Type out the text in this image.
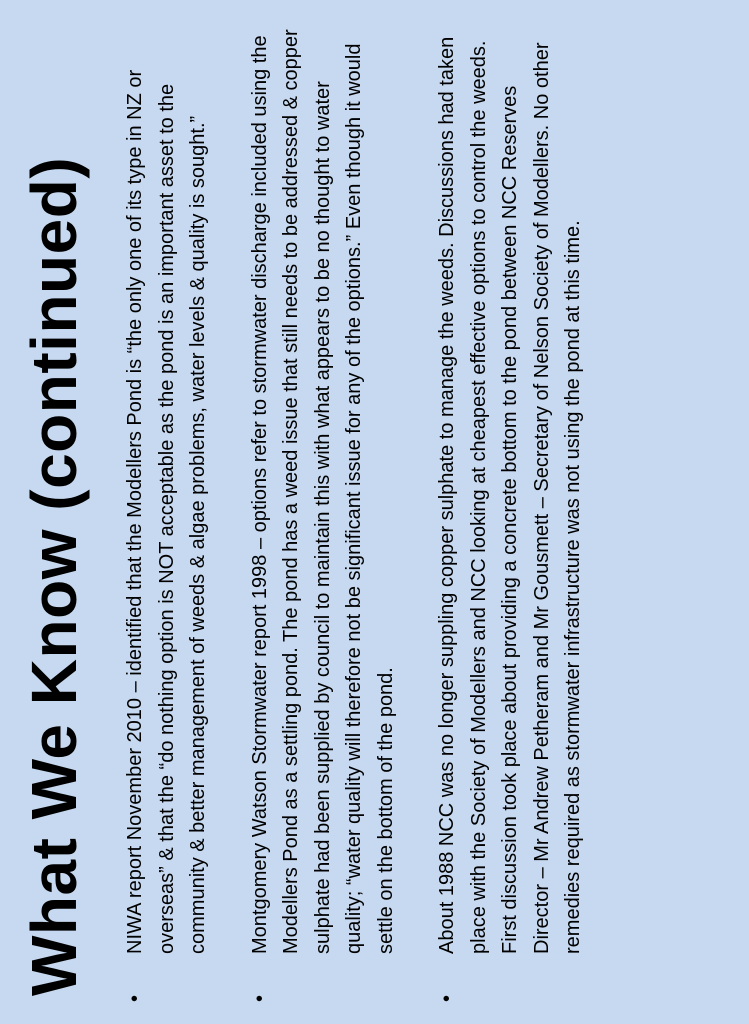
What We Know (continued) • NIWA report November 2010 – identified that the Modellers Pond is “the only one of its type in NZ or overseas” & that the “do nothing option is NOT acceptable as the pond is an important asset to the community & better management of weeds & algae problems, water levels & quality is sought.” • Montgomery Watson Stormwater report 1998 – options refer to stormwater discharge included using the Modellers Pond as a settling pond. The pond has a weed issue that still needs to be addressed & copper sulphate had been supplied by council to maintain this with what appears to be no thought to water quality; “water quality will therefore not be significant issue for any of the options.” Even though it would settle on the bottom of the pond. • About 1988 NCC was no longer suppling copper sulphate to manage the weeds. Discussions had taken place with the Society of Modellers and NCC looking at cheapest effective options to control the weeds. First discussion took place about providing a concrete bottom to the pond between NCC Reserves Director – Mr Andrew Petheram and Mr Gousmett – Secretary of Nelson Society of Modellers. No other remedies required as stormwater infrastructure was not using the pond at this time.
